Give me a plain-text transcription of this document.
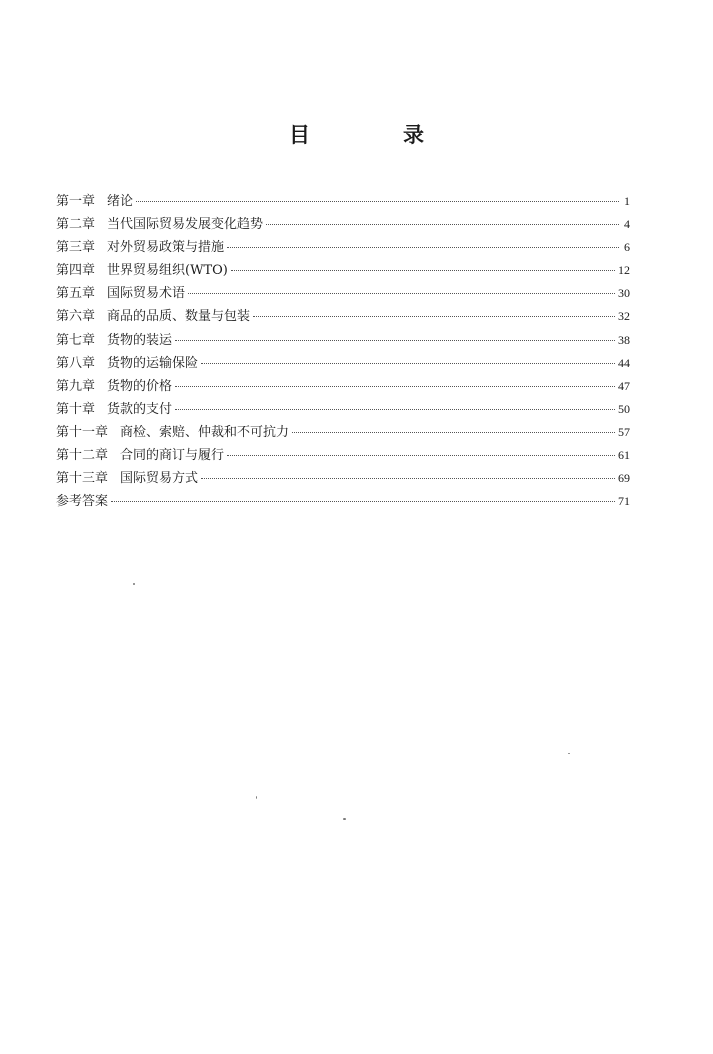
目　录
第一章 绪论	1
第二章 当代国际贸易发展变化趋势	4
第三章 对外贸易政策与措施	6
第四章 世界贸易组织(WTO)	12
第五章 国际贸易术语	30
第六章 商品的品质、数量与包装	32
第七章 货物的装运	38
第八章 货物的运输保险	44
第九章 货物的价格	47
第十章 货款的支付	50
第十一章 商检、索赔、仲裁和不可抗力	57
第十二章 合同的商订与履行	61
第十三章 国际贸易方式	69
参考答案	71
